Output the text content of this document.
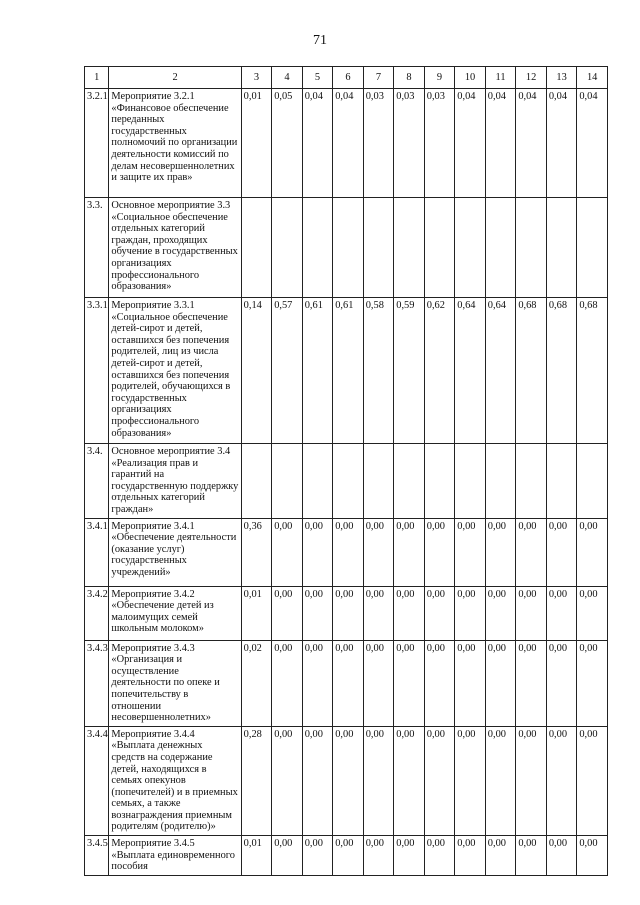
71
1	2	3	4	5	6	7	8	9	10	11	12	13	14
3.2.1	Мероприятие 3.2.1 «Финансовое обеспечение переданных государственных полномочий по организации деятельности комиссий по делам несовершеннолетних и защите их прав»	0,01	0,05	0,04	0,04	0,03	0,03	0,03	0,04	0,04	0,04	0,04	0,04
3.3.	Основное мероприятие 3.3 «Социальное обеспечение отдельных категорий граждан, проходящих обучение в государственных организациях профессионального образования»												
3.3.1	Мероприятие 3.3.1 «Социальное обеспечение детей-сирот и детей, оставшихся без попечения родителей, лиц из числа детей-сирот и детей, оставшихся без попечения родителей, обучающихся в государственных организациях профессионального образования»	0,14	0,57	0,61	0,61	0,58	0,59	0,62	0,64	0,64	0,68	0,68	0,68
3.4.	Основное мероприятие 3.4 «Реализация прав и гарантий на государственную поддержку отдельных категорий граждан»												
3.4.1	Мероприятие 3.4.1 «Обеспечение деятельности (оказание услуг) государственных учреждений»	0,36	0,00	0,00	0,00	0,00	0,00	0,00	0,00	0,00	0,00	0,00	0,00
3.4.2	Мероприятие 3.4.2 «Обеспечение детей из малоимущих семей школьным молоком»	0,01	0,00	0,00	0,00	0,00	0,00	0,00	0,00	0,00	0,00	0,00	0,00
3.4.3	Мероприятие 3.4.3 «Организация и осуществление деятельности по опеке и попечительству в отношении несовершеннолетних»	0,02	0,00	0,00	0,00	0,00	0,00	0,00	0,00	0,00	0,00	0,00	0,00
3.4.4	Мероприятие 3.4.4 «Выплата денежных средств на содержание детей, находящихся в семьях опекунов (попечителей) и в приемных семьях, а также вознаграждения приемным родителям (родителю)»	0,28	0,00	0,00	0,00	0,00	0,00	0,00	0,00	0,00	0,00	0,00	0,00
3.4.5	Мероприятие 3.4.5 «Выплата единовременного пособия	0,01	0,00	0,00	0,00	0,00	0,00	0,00	0,00	0,00	0,00	0,00	0,00
